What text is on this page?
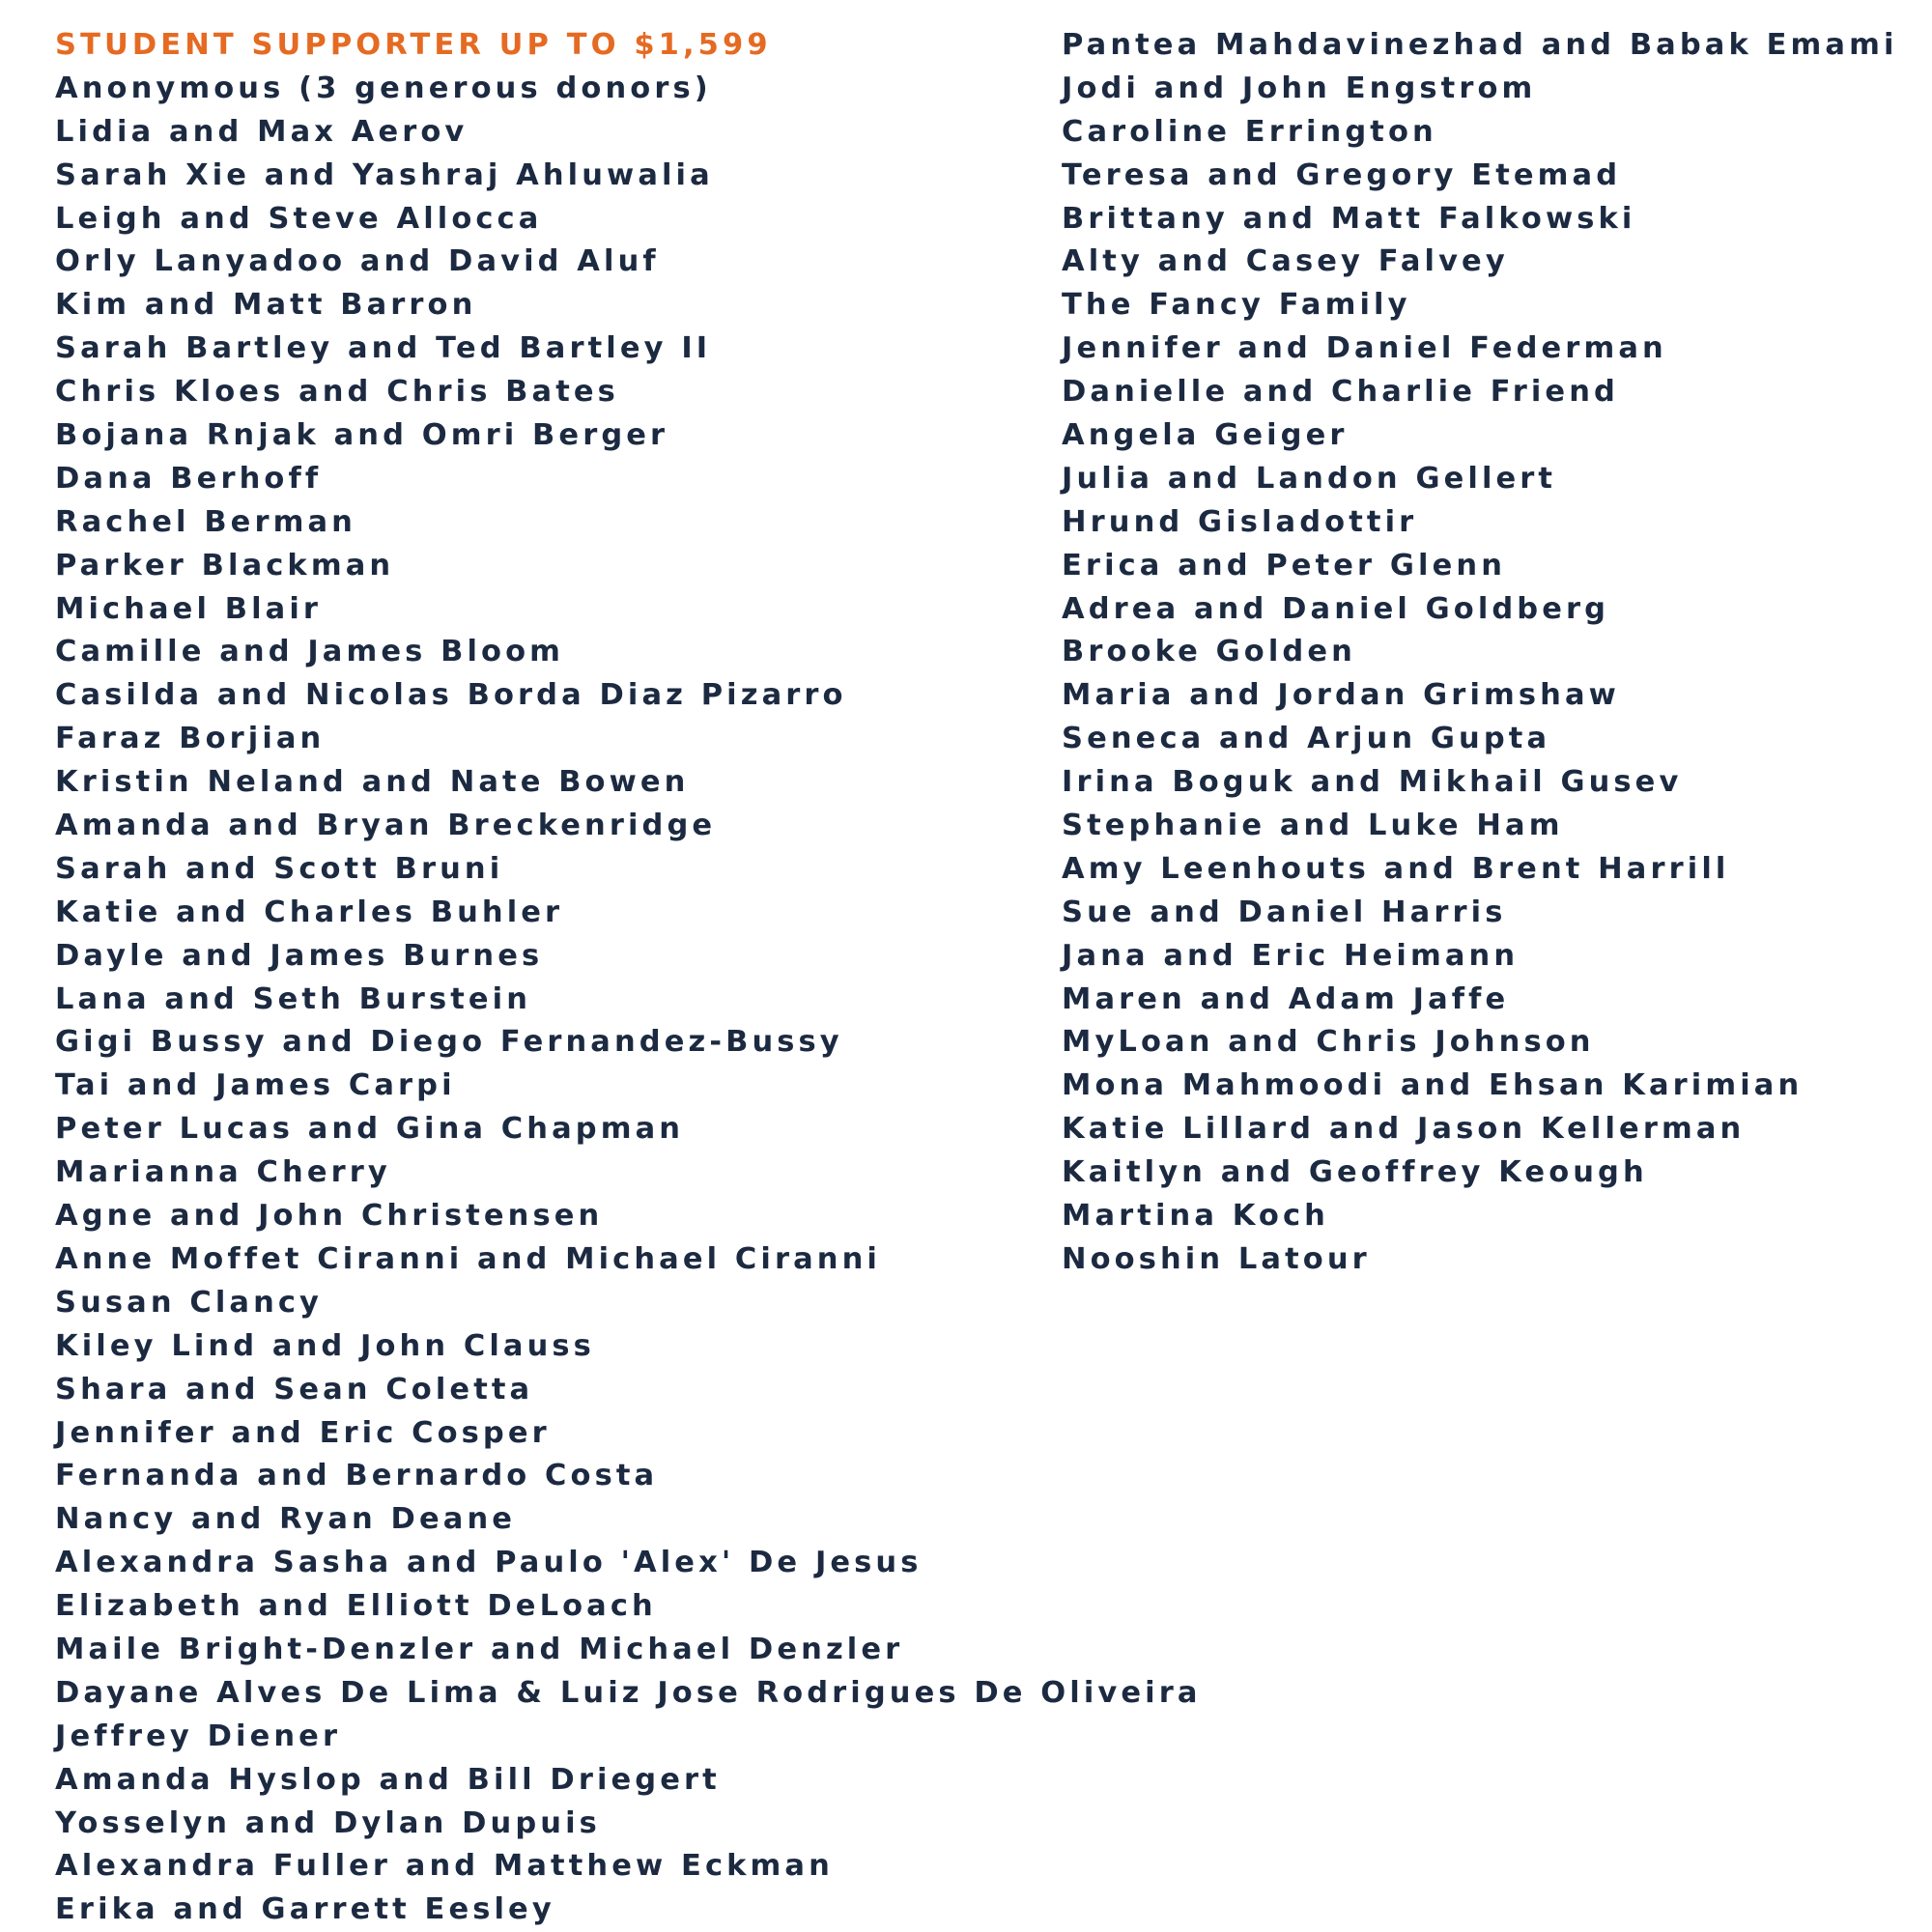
STUDENT SUPPORTER UP TO $1,599
Anonymous (3 generous donors)
Lidia and Max Aerov
Sarah Xie and Yashraj Ahluwalia
Leigh and Steve Allocca
Orly Lanyadoo and David Aluf
Kim and Matt Barron
Sarah Bartley and Ted Bartley II
Chris Kloes and Chris Bates
Bojana Rnjak and Omri Berger
Dana Berhoff
Rachel Berman
Parker Blackman
Michael Blair
Camille and James Bloom
Casilda and Nicolas Borda Diaz Pizarro
Faraz Borjian
Kristin Neland and Nate Bowen
Amanda and Bryan Breckenridge
Sarah and Scott Bruni
Katie and Charles Buhler
Dayle and James Burnes
Lana and Seth Burstein
Gigi Bussy and Diego Fernandez-Bussy
Tai and James Carpi
Peter Lucas and Gina Chapman
Marianna Cherry
Agne and John Christensen
Anne Moffet Ciranni and Michael Ciranni
Susan Clancy
Kiley Lind and John Clauss
Shara and Sean Coletta
Jennifer and Eric Cosper
Fernanda and Bernardo Costa
Nancy and Ryan Deane
Alexandra Sasha and Paulo 'Alex' De Jesus
Elizabeth and Elliott DeLoach
Maile Bright-Denzler and Michael Denzler
Dayane Alves De Lima & Luiz Jose Rodrigues De Oliveira
Jeffrey Diener
Amanda Hyslop and Bill Driegert
Yosselyn and Dylan Dupuis
Alexandra Fuller and Matthew Eckman
Erika and Garrett Eesley
Pantea Mahdavinezhad and Babak Emami
Jodi and John Engstrom
Caroline Errington
Teresa and Gregory Etemad
Brittany and Matt Falkowski
Alty and Casey Falvey
The Fancy Family
Jennifer and Daniel Federman
Danielle and Charlie Friend
Angela Geiger
Julia and Landon Gellert
Hrund Gisladottir
Erica and Peter Glenn
Adrea and Daniel Goldberg
Brooke Golden
Maria and Jordan Grimshaw
Seneca and Arjun Gupta
Irina Boguk and Mikhail Gusev
Stephanie and Luke Ham
Amy Leenhouts and Brent Harrill
Sue and Daniel Harris
Jana and Eric Heimann
Maren and Adam Jaffe
MyLoan and Chris Johnson
Mona Mahmoodi and Ehsan Karimian
Katie Lillard and Jason Kellerman
Kaitlyn and Geoffrey Keough
Martina Koch
Nooshin Latour
